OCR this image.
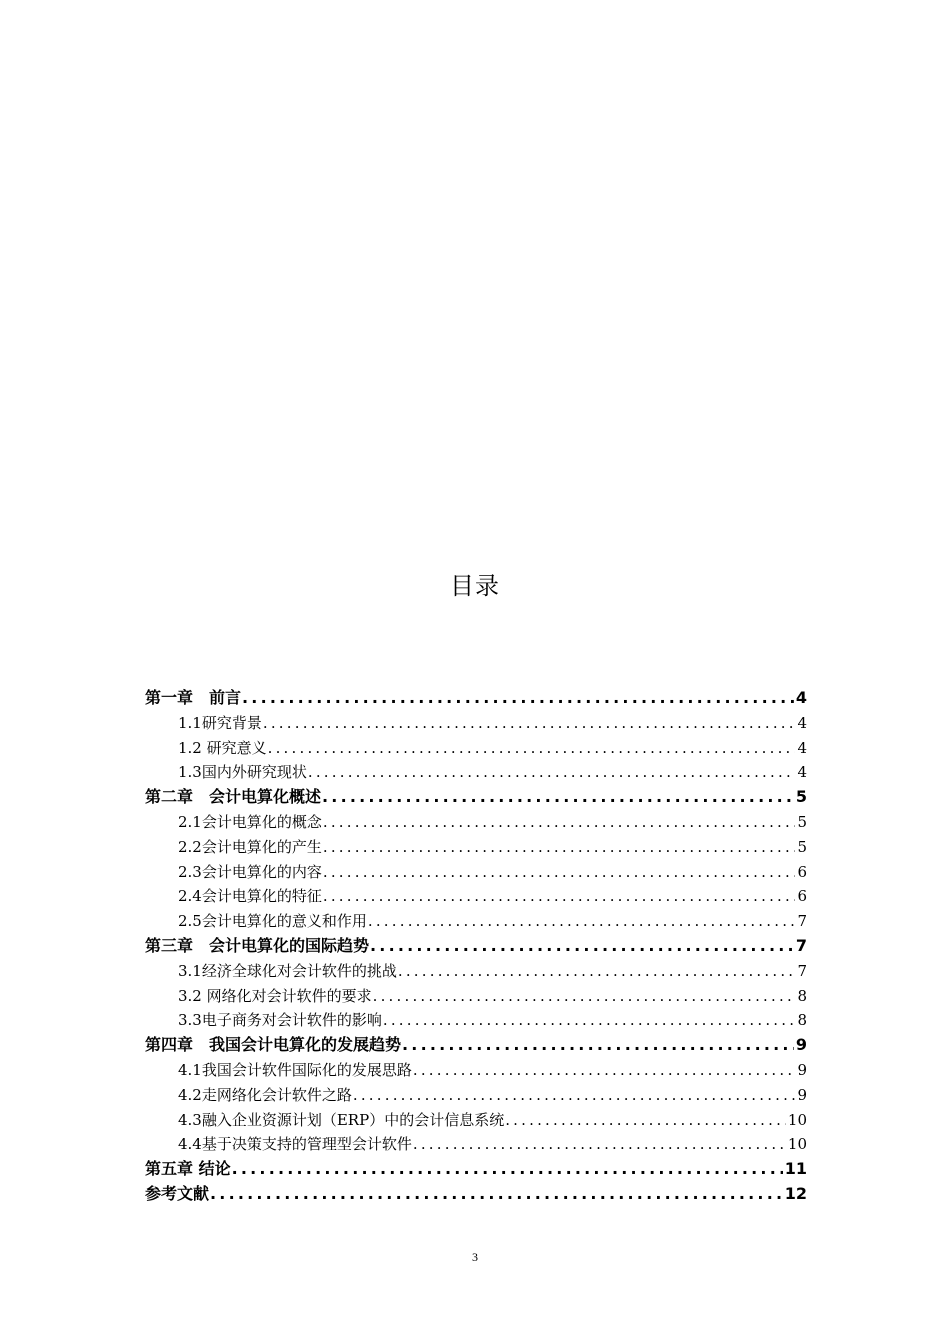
目录
第一章　前言 .....	4
1.1研究背景 .....	4
1.2 研究意义 .....	4
1.3国内外研究现状 .....	4
第二章　会计电算化概述 .....	5
2.1会计电算化的概念 .....	5
2.2会计电算化的产生 .....	5
2.3会计电算化的内容 .....	6
2.4会计电算化的特征 .....	6
2.5会计电算化的意义和作用 .....	7
第三章　会计电算化的国际趋势 .....	7
3.1经济全球化对会计软件的挑战 .....	7
3.2 网络化对会计软件的要求 .....	8
3.3电子商务对会计软件的影响 .....	8
第四章　我国会计电算化的发展趋势 .....	9
4.1我国会计软件国际化的发展思路 .....	9
4.2走网络化会计软件之路 .....	9
4.3融入企业资源计划（ERP）中的会计信息系统 .....	10
4.4基于决策支持的管理型会计软件 .....	10
第五章 结论 .....	11
参考文献 .....	12
3
